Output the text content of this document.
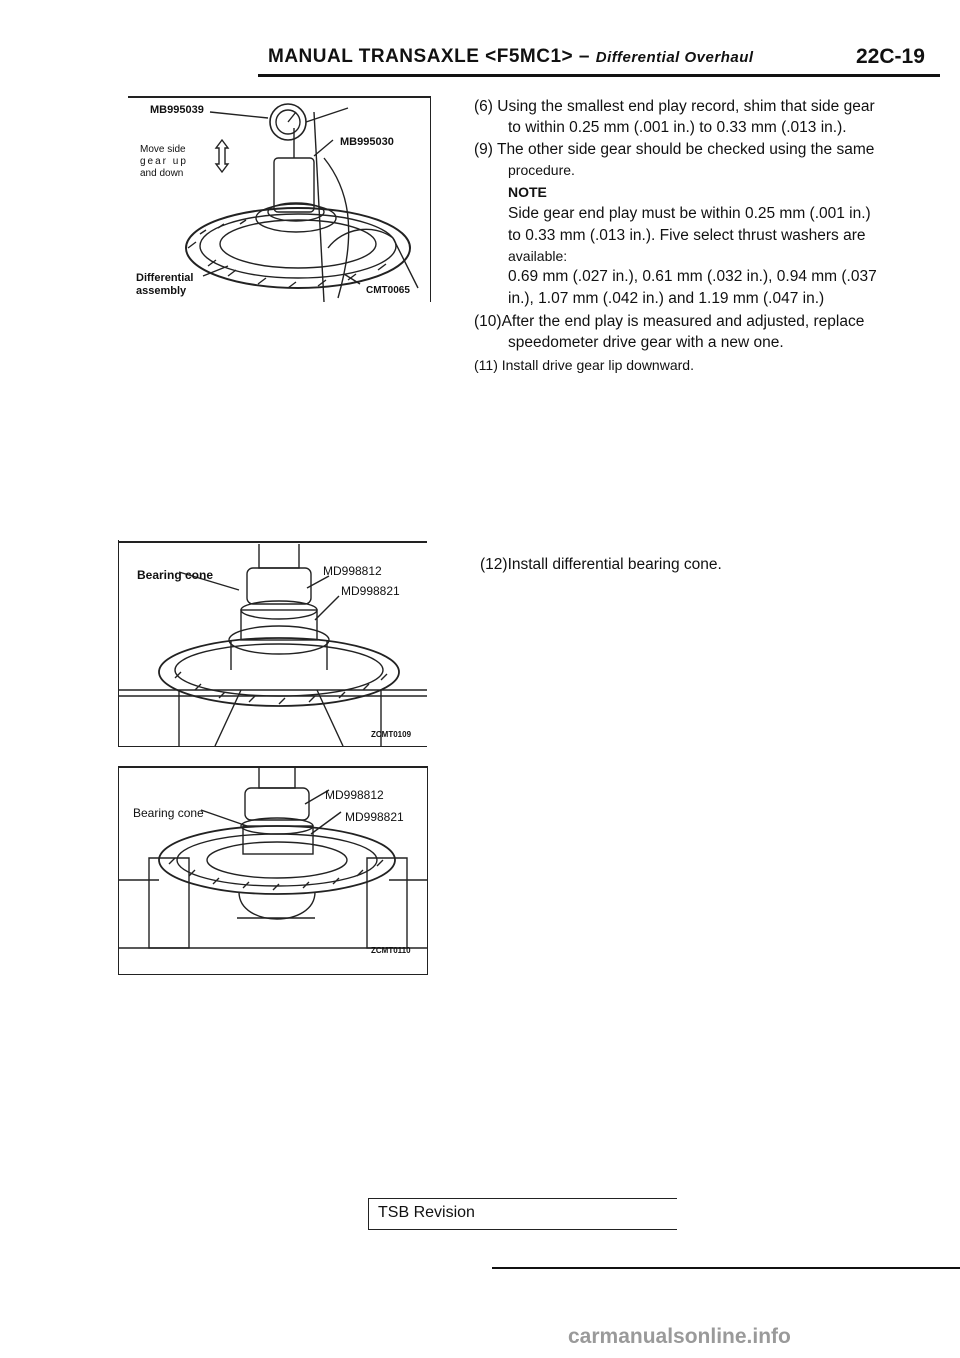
MANUAL TRANSAXLE <F5MC1> – Differential Overhaul	22C-19
MB995039
MB995030
Move side
gear up
and down
Differential
assembly	CMT0065
Bearing cone	MD998812
MD998821
ZCMT0109
Bearing cone
MD998812
MD998821
ZCMT0110
(6) Using the smallest end play record, shim that side gear
to within 0.25 mm (.001 in.) to 0.33 mm (.013 in.).
(9) The other side gear should be checked using the same
procedure.
NOTE
Side gear end play must be within 0.25 mm (.001 in.)
to 0.33 mm (.013 in.). Five select thrust washers are
available:
0.69 mm (.027 in.), 0.61 mm (.032 in.), 0.94 mm (.037
in.), 1.07 mm (.042 in.) and 1.19 mm (.047 in.)
(10)After the end play is measured and adjusted, replace
speedometer drive gear with a new one.
(11) Install drive gear lip downward.
(12)Install differential bearing cone.
TSB Revision
carmanualsonline.info
